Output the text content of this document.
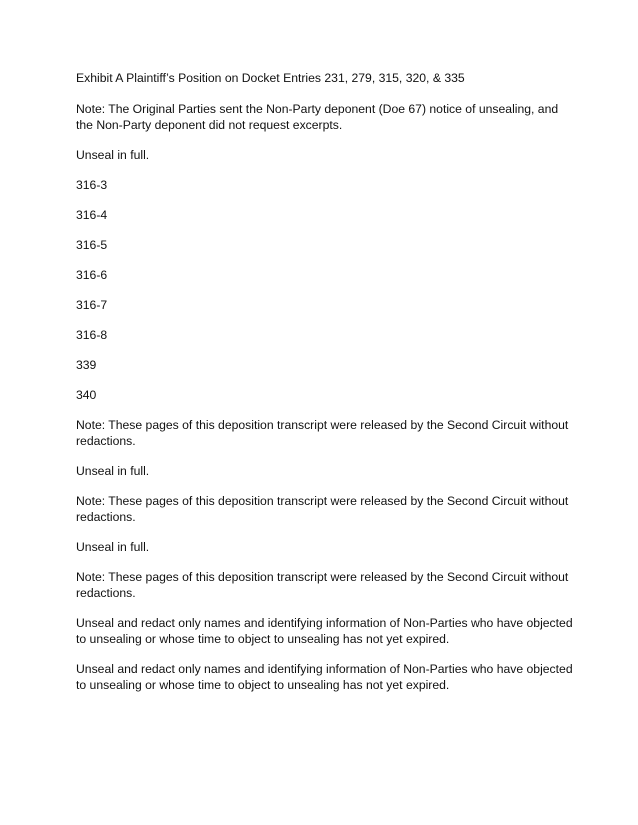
Exhibit A Plaintiff’s Position on Docket Entries 231, 279, 315, 320, & 335

Note: The Original Parties sent the Non-Party deponent (Doe 67) notice of unsealing, and the Non-Party deponent did not request excerpts.

Unseal in full.

316-3

316-4

316-5

316-6

316-7

316-8

339

340

Note: These pages of this deposition transcript were released by the Second Circuit without redactions.

Unseal in full.

Note: These pages of this deposition transcript were released by the Second Circuit without redactions.

Unseal in full.

Note: These pages of this deposition transcript were released by the Second Circuit without redactions.

Unseal and redact only names and identifying information of Non-Parties who have objected to unsealing or whose time to object to unsealing has not yet expired.

Unseal and redact only names and identifying information of Non-Parties who have objected to unsealing or whose time to object to unsealing has not yet expired.
